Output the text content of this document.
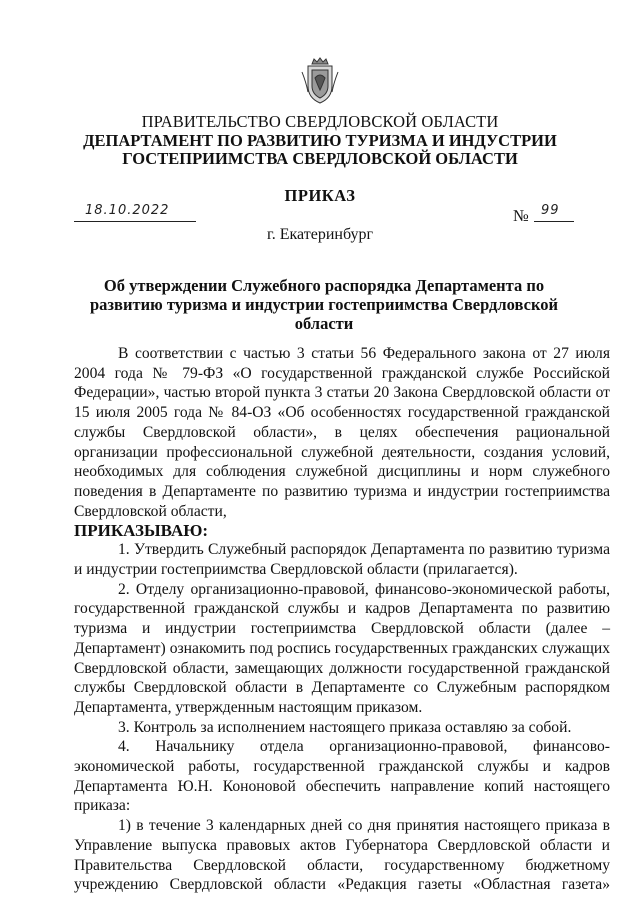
ПРАВИТЕЛЬСТВО СВЕРДЛОВСКОЙ ОБЛАСТИ
ДЕПАРТАМЕНТ ПО РАЗВИТИЮ ТУРИЗМА И ИНДУСТРИИ
ГОСТЕПРИИМСТВА СВЕРДЛОВСКОЙ ОБЛАСТИ
ПРИКАЗ
18.10.2022	№ 99
г. Екатеринбург
Об утверждении Служебного распорядка Департамента по развитию туризма и индустрии гостеприимства Свердловской области

В соответствии с частью 3 статьи 56 Федерального закона от 27 июля 2004 года № 79-ФЗ «О государственной гражданской службе Российской Федерации», частью второй пункта 3 статьи 20 Закона Свердловской области от 15 июля 2005 года № 84-ОЗ «Об особенностях государственной гражданской службы Свердловской области», в целях обеспечения рациональной организации профессиональной служебной деятельности, создания условий, необходимых для соблюдения служебной дисциплины и норм служебного поведения в Департаменте по развитию туризма и индустрии гостеприимства Свердловской области,

ПРИКАЗЫВАЮ:

1. Утвердить Служебный распорядок Департамента по развитию туризма и индустрии гостеприимства Свердловской области (прилагается).

2. Отделу организационно-правовой, финансово-экономической работы, государственной гражданской службы и кадров Департамента по развитию туризма и индустрии гостеприимства Свердловской области (далее – Департамент) ознакомить под роспись государственных гражданских служащих Свердловской области, замещающих должности государственной гражданской службы Свердловской области в Департаменте со Служебным распорядком Департамента, утвержденным настоящим приказом.

3. Контроль за исполнением настоящего приказа оставляю за собой.

4. Начальнику отдела организационно-правовой, финансово-экономической работы, государственной гражданской службы и кадров Департамента Ю.Н. Кононовой обеспечить направление копий настоящего приказа:

1) в течение 3 календарных дней со дня принятия настоящего приказа в Управление выпуска правовых актов Губернатора Свердловской области и Правительства Свердловской области, государственному бюджетному учреждению Свердловской области «Редакция газеты «Областная газета»
